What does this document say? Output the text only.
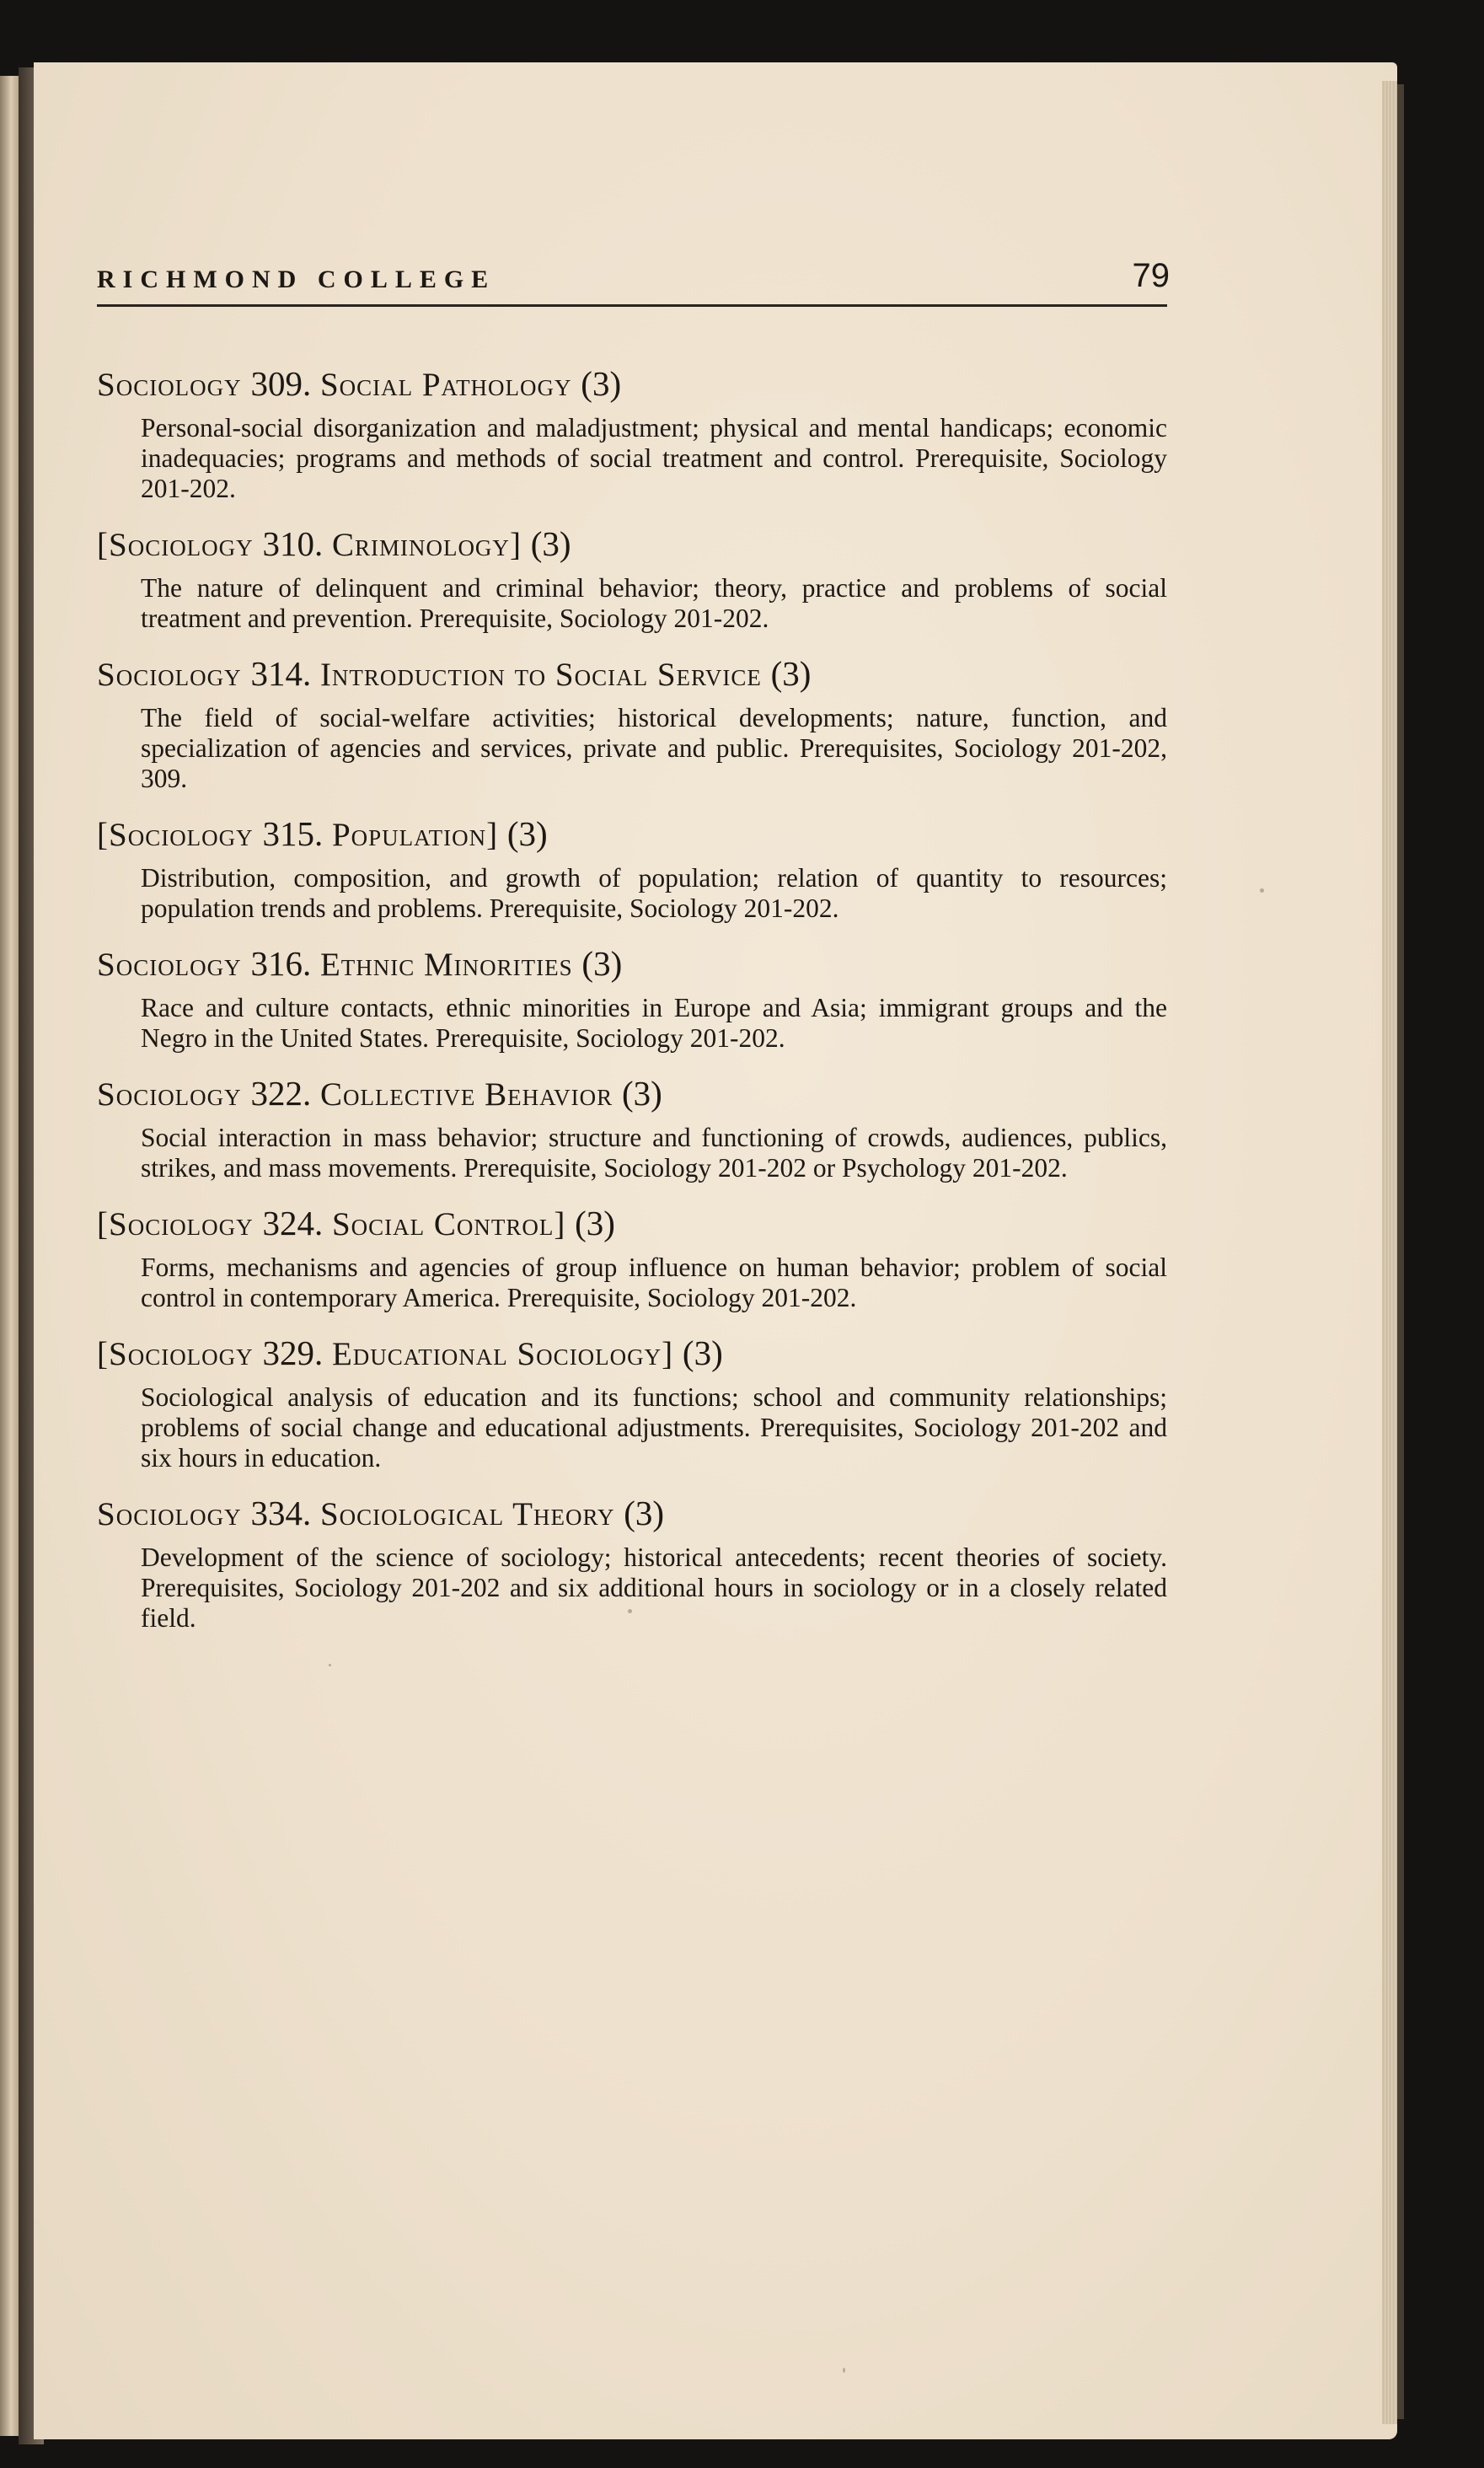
RICHMOND COLLEGE	79
Sociology 309. Social Pathology (3)
Personal-social disorganization and maladjustment; physical and mental handicaps; economic inadequacies; programs and methods of social treatment and control. Prerequisite, Sociology 201-202.
[Sociology 310. Criminology] (3)
The nature of delinquent and criminal behavior; theory, practice and problems of social treatment and prevention. Prerequisite, Sociology 201-202.
Sociology 314. Introduction to Social Service (3)
The field of social-welfare activities; historical developments; nature, function, and specialization of agencies and services, private and public. Prerequisites, Sociology 201-202, 309.
[Sociology 315. Population] (3)
Distribution, composition, and growth of population; relation of quantity to resources; population trends and problems. Prerequisite, Sociology 201-202.
Sociology 316. Ethnic Minorities (3)
Race and culture contacts, ethnic minorities in Europe and Asia; immigrant groups and the Negro in the United States. Prerequisite, Sociology 201-202.
Sociology 322. Collective Behavior (3)
Social interaction in mass behavior; structure and functioning of crowds, audiences, publics, strikes, and mass movements. Prerequisite, Sociology 201-202 or Psychology 201-202.
[Sociology 324. Social Control] (3)
Forms, mechanisms and agencies of group influence on human behavior; problem of social control in contemporary America. Prerequisite, Sociology 201-202.
[Sociology 329. Educational Sociology] (3)
Sociological analysis of education and its functions; school and community relationships; problems of social change and educational adjustments. Prerequisites, Sociology 201-202 and six hours in education.
Sociology 334. Sociological Theory (3)
Development of the science of sociology; historical antecedents; recent theories of society. Prerequisites, Sociology 201-202 and six additional hours in sociology or in a closely related field.
